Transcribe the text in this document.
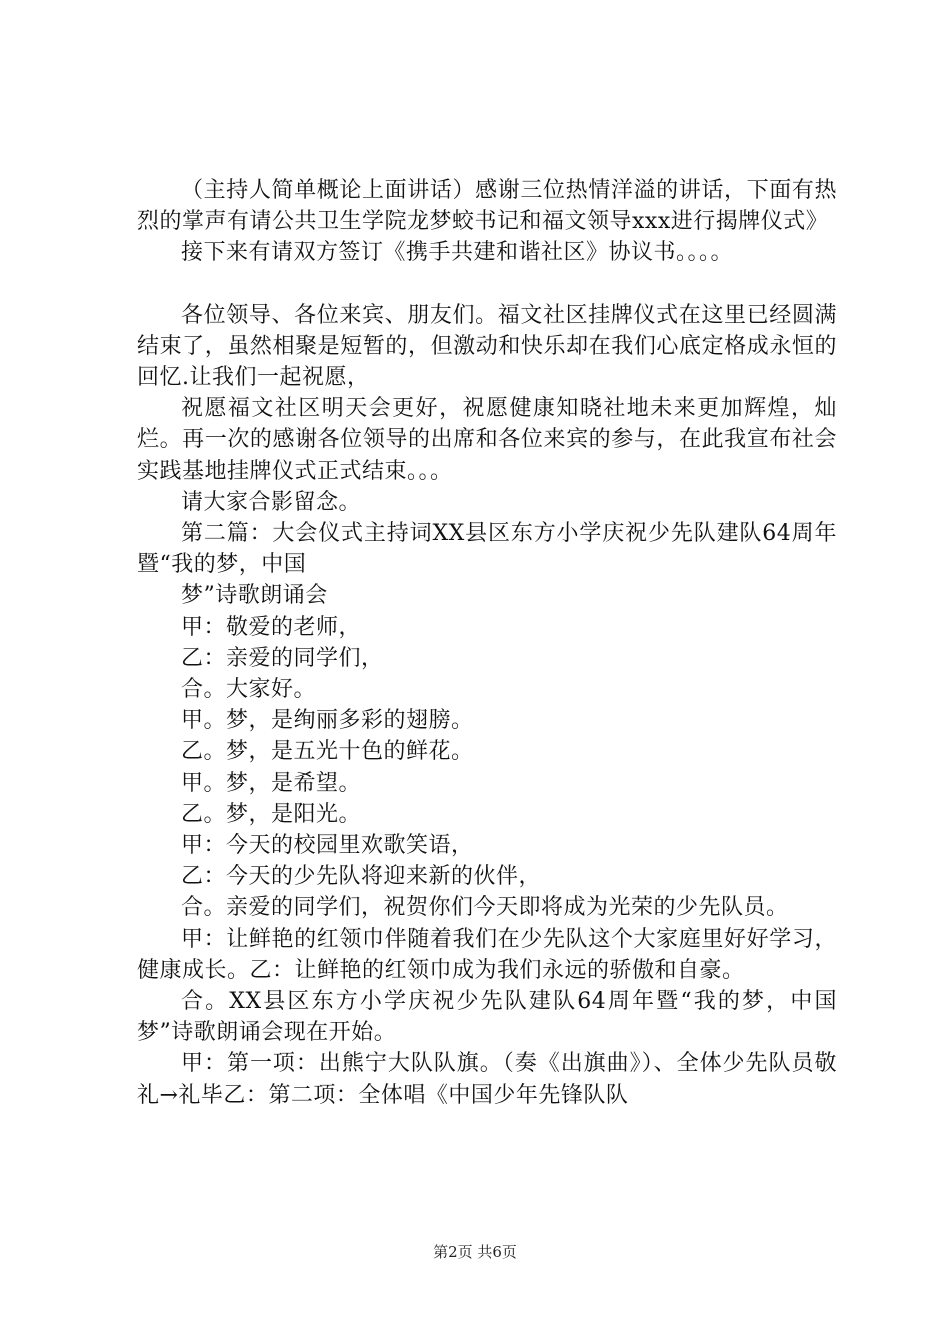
（主持人简单概论上面讲话）感谢三位热情洋溢的讲话，下面有热烈的掌声有请公共卫生学院龙梦蛟书记和福文领导xxx进行揭牌仪式》

接下来有请双方签订《携手共建和谐社区》协议书。。。。

各位领导、各位来宾、朋友们。福文社区挂牌仪式在这里已经圆满结束了，虽然相聚是短暂的，但激动和快乐却在我们心底定格成永恒的回忆.让我们一起祝愿，

祝愿福文社区明天会更好，祝愿健康知晓社地未来更加辉煌，灿烂。再一次的感谢各位领导的出席和各位来宾的参与，在此我宣布社会实践基地挂牌仪式正式结束。。。

请大家合影留念。

第二篇：大会仪式主持词XX县区东方小学庆祝少先队建队64周年暨“我的梦，中国

梦”诗歌朗诵会

甲：敬爱的老师，

乙：亲爱的同学们，

合。大家好。

甲。梦，是绚丽多彩的翅膀。

乙。梦，是五光十色的鲜花。

甲。梦，是希望。

乙。梦，是阳光。

甲：今天的校园里欢歌笑语，

乙：今天的少先队将迎来新的伙伴，

合。亲爱的同学们，祝贺你们今天即将成为光荣的少先队员。

甲：让鲜艳的红领巾伴随着我们在少先队这个大家庭里好好学习，健康成长。乙：让鲜艳的红领巾成为我们永远的骄傲和自豪。

合。XX县区东方小学庆祝少先队建队64周年暨“我的梦，中国梦”诗歌朗诵会现在开始。

甲：第一项：出熊宁大队队旗。（奏《出旗曲》）、全体少先队员敬礼→礼毕乙：第二项：全体唱《中国少年先锋队队

第2页 共6页
